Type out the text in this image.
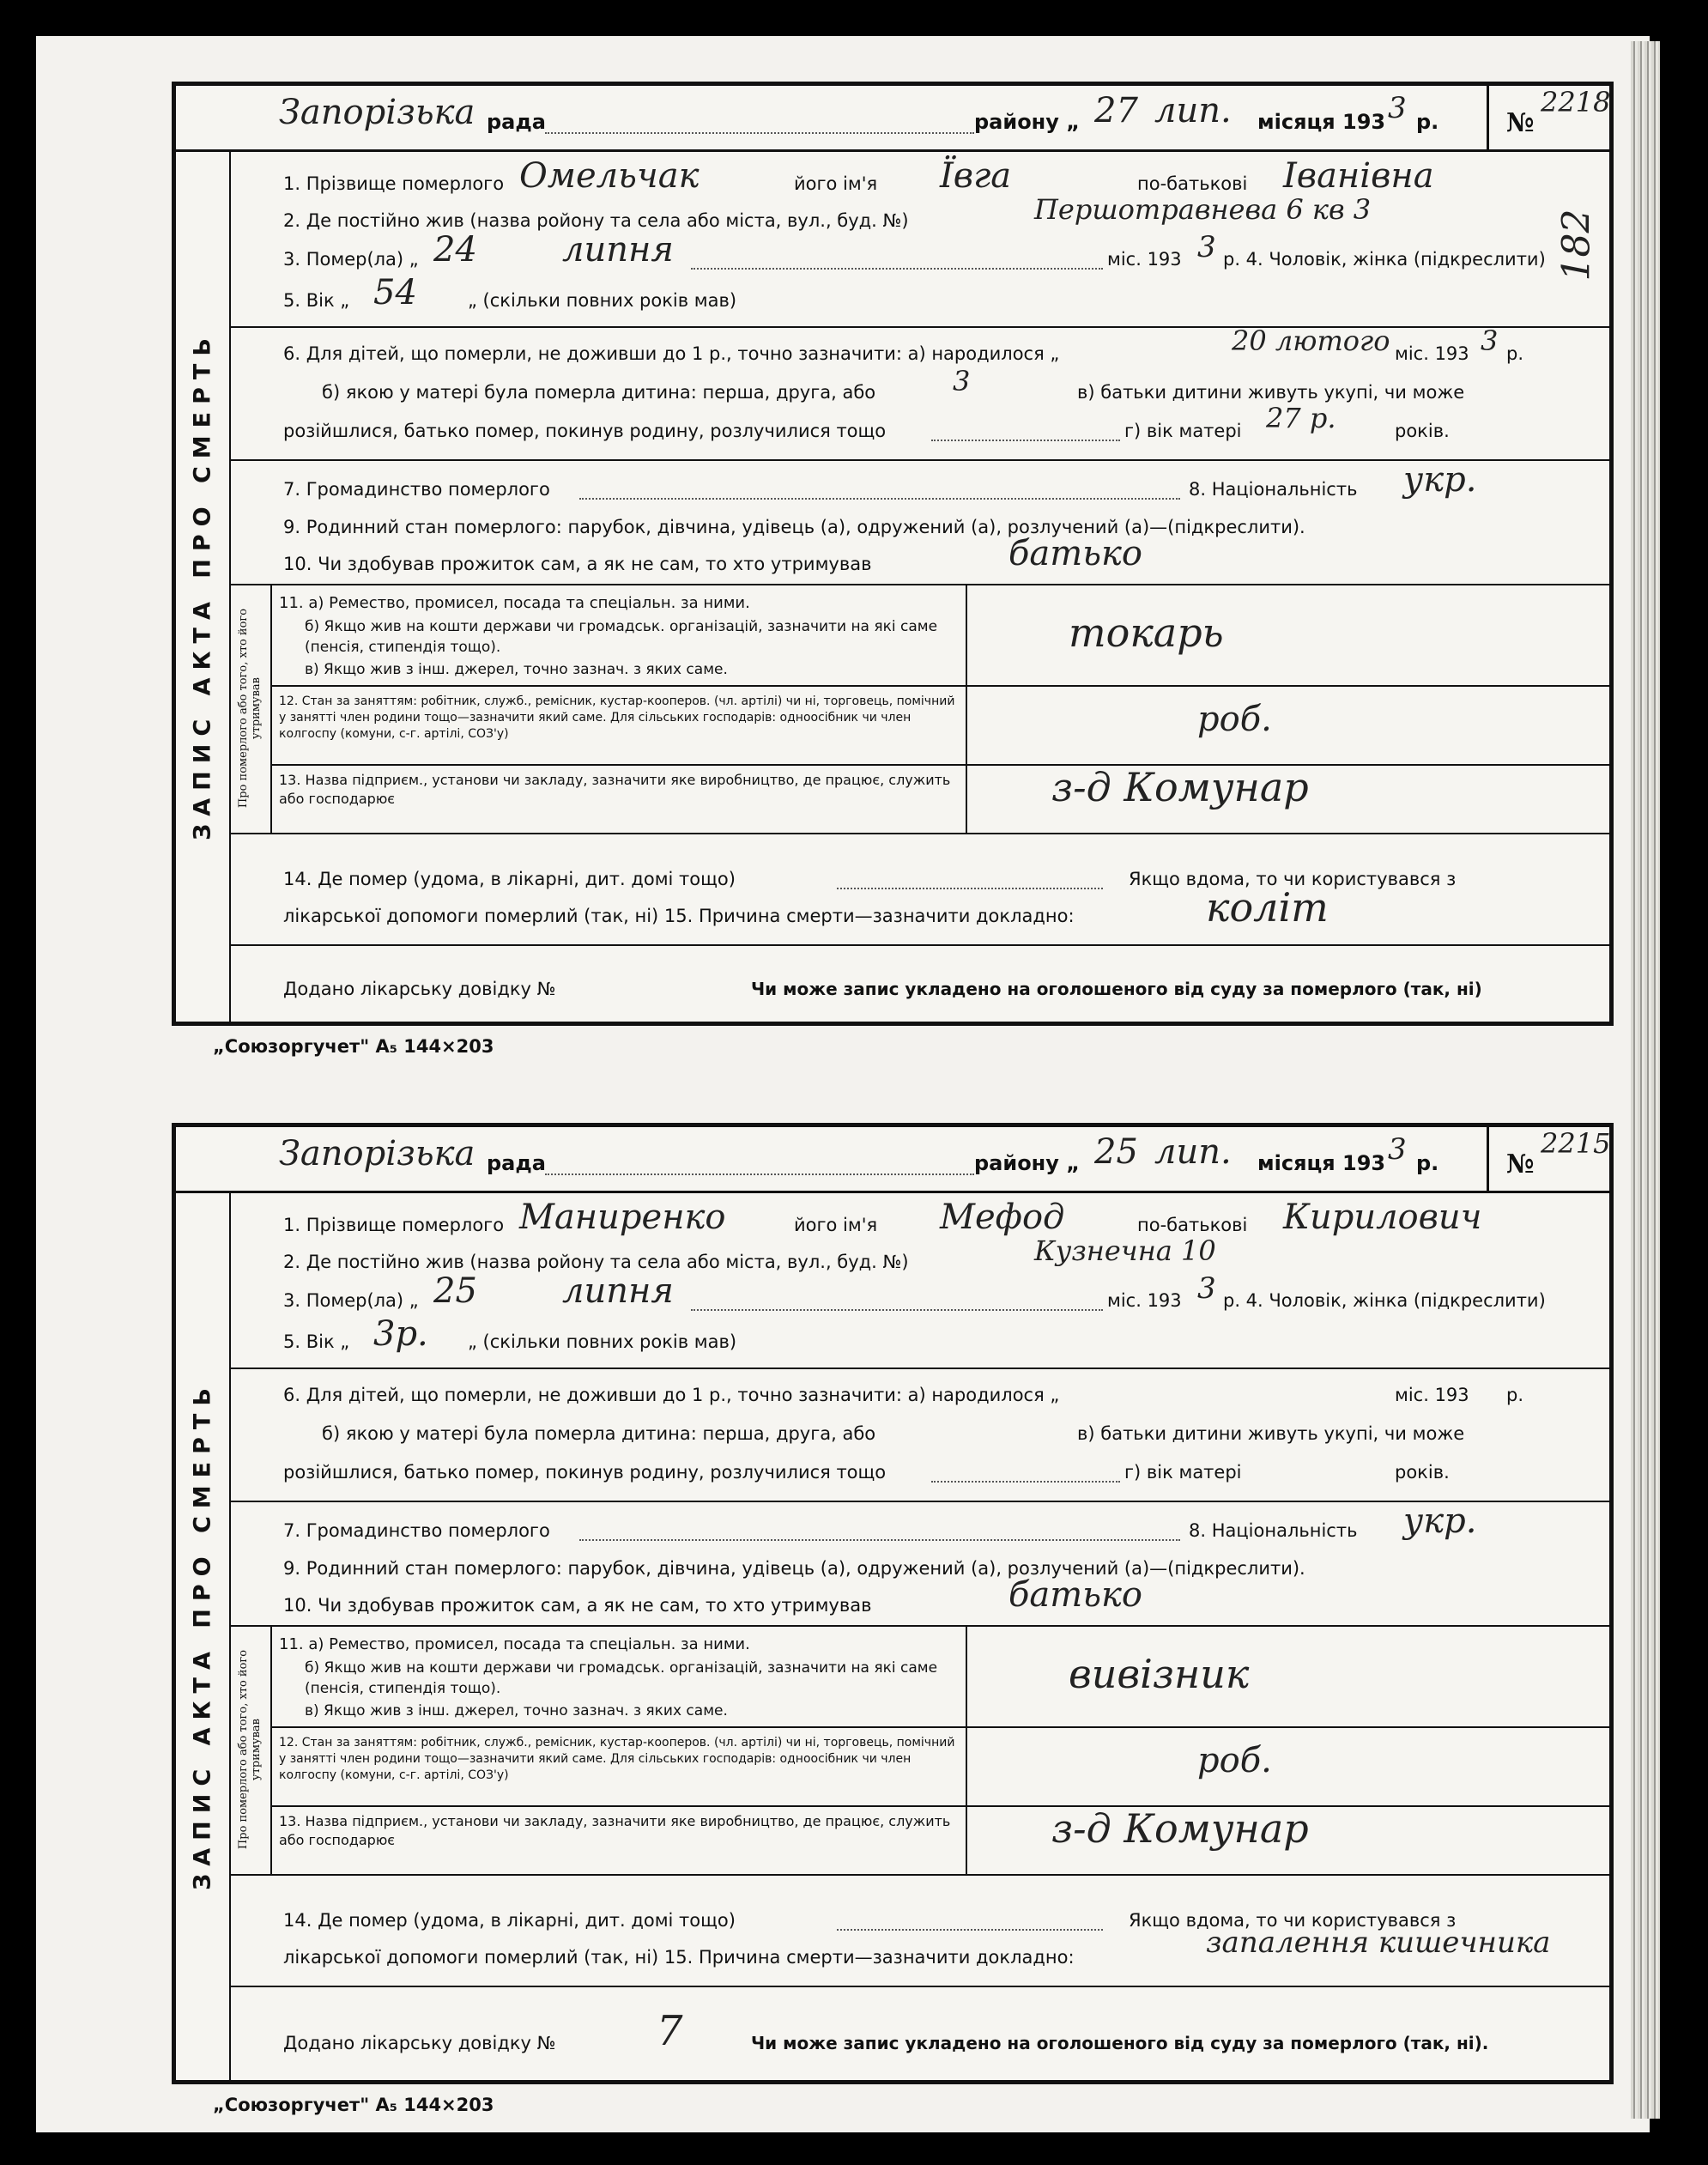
Запорізька рада	району „ 27 лип. місяця 193 3 р.	№
2218
182
ЗАПИС АКТА ПРО СМЕРТЬ
1. Прізвище померлого Омельчак	його ім'я Ївга	по-батькові Іванівна
2. Де постійно жив (назва ройону та села або міста, вул., буд. №)	Першотравнева 6 кв 3
3. Помер(ла) „ 24 липня	міс. 193 3 р. 4. Чоловік, жінка (підкреслити)
5. Вік „ 54	„ (скільки повних років мав)
6. Для дітей, що померли, не доживши до 1 р., точно зазначити: а) народилося „	20 лютого міс. 193 3 р.
б) якою у матері була померла дитина: перша, друга, або	3	в) батьки дитини живуть укупі, чи може
розійшлися, батько помер, покинув родину, розлучилися тощо	г) вік матері 27 р.	років.
7. Громадинство померлого	8. Національність укр.
9. Родинний стан померлого: парубок, дівчина, удівець (а), одружений (а), розлучений (а)—(підкреслити).
10. Чи здобував прожиток сам, а як не сам, то хто утримував	батько
Про померлого або того, хто його утримував
11. а) Ремество, промисел, посада та спеціальн. за ними.
б) Якщо жив на кошти держави чи громадськ. організацій, зазначити на які саме (пенсія, стипендія тощо).
в) Якщо жив з інш. джерел, точно зазнач. з яких саме.
токарь
12. Стан за заняттям: робітник, служб., ремісник, кустар-кооперов. (чл. артілі) чи ні, торговець, помічний у занятті член родини тощо—зазначити який саме. Для сільських господарів: одноосібник чи член колгоспу (комуни, с-г. артілі, СОЗ'у)	роб.
13. Назва підприєм., установи чи закладу, зазначити яке виробництво, де працює, служить або господарює	з-д Комунар
14. Де помер (удома, в лікарні, дит. домі тощо)	Якщо вдома, то чи користувався з
лікарської допомоги померлий (так, ні) 15. Причина смерти—зазначити докладно:	коліт
Додано лікарську довідку №	Чи може запис укладено на оголошеного від суду за померлого (так, ні)
„Союзоргучет" А₅ 144×203
Запорізька рада	району „ 25 лип. місяця 193 3 р.	№
2215
ЗАПИС АКТА ПРО СМЕРТЬ
1. Прізвище померлого Маниренко	його ім'я Мефод	по-батькові Кирилович
2. Де постійно жив (назва ройону та села або міста, вул., буд. №)	Кузнечна 10
3. Помер(ла) „ 25 липня	міс. 193 3 р. 4. Чоловік, жінка (підкреслити)
5. Вік „ 3р. „ (скільки повних років мав)
6. Для дітей, що померли, не доживши до 1 р., точно зазначити: а) народилося „	міс. 193 р.
б) якою у матері була померла дитина: перша, друга, або	в) батьки дитини живуть укупі, чи може
розійшлися, батько помер, покинув родину, розлучилися тощо	г) вік матері	років.
7. Громадинство померлого	8. Національність укр.
9. Родинний стан померлого: парубок, дівчина, удівець (а), одружений (а), розлучений (а)—(підкреслити).
10. Чи здобував прожиток сам, а як не сам, то хто утримував	батько
Про померлого або того, хто його утримував
11. а) Ремество, промисел, посада та спеціальн. за ними.
б) Якщо жив на кошти держави чи громадськ. організацій, зазначити на які саме (пенсія, стипендія тощо).
в) Якщо жив з інш. джерел, точно зазнач. з яких саме.
вивізник
12. Стан за заняттям: робітник, служб., ремісник, кустар-кооперов. (чл. артілі) чи ні, торговець, помічний у занятті член родини тощо—зазначити який саме. Для сільських господарів: одноосібник чи член колгоспу (комуни, с-г. артілі, СОЗ'у)	роб.
13. Назва підприєм., установи чи закладу, зазначити яке виробництво, де працює, служить або господарює	з-д Комунар
14. Де помер (удома, в лікарні, дит. домі тощо)	Якщо вдома, то чи користувався з
лікарської допомоги померлий (так, ні) 15. Причина смерти—зазначити докладно:	запалення кишечника
Додано лікарську довідку № 7	Чи може запис укладено на оголошеного від суду за померлого (так, ні).
„Союзоргучет" А₅ 144×203
